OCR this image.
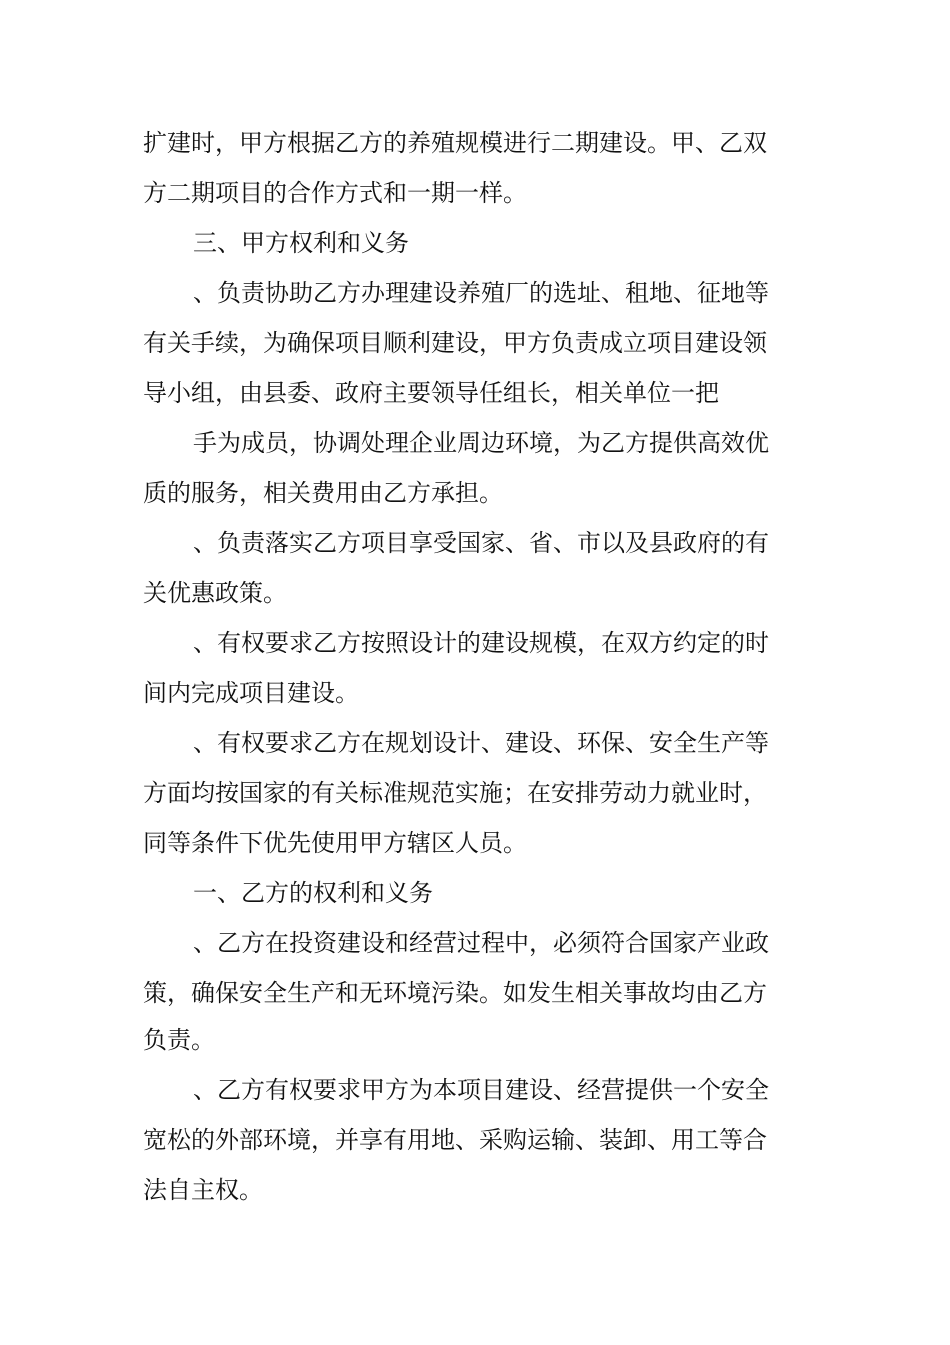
扩建时，甲方根据乙方的养殖规模进行二期建设。甲、乙双
方二期项目的合作方式和一期一样。
三、甲方权利和义务
、负责协助乙方办理建设养殖厂的选址、租地、征地等
有关手续，为确保项目顺利建设，甲方负责成立项目建设领
导小组，由县委、政府主要领导任组长，相关单位一把
手为成员，协调处理企业周边环境，为乙方提供高效优
质的服务，相关费用由乙方承担。
、负责落实乙方项目享受国家、省、市以及县政府的有
关优惠政策。
、有权要求乙方按照设计的建设规模，在双方约定的时
间内完成项目建设。
、有权要求乙方在规划设计、建设、环保、安全生产等
方面均按国家的有关标准规范实施；在安排劳动力就业时，
同等条件下优先使用甲方辖区人员。
一、乙方的权利和义务
、乙方在投资建设和经营过程中，必须符合国家产业政
策，确保安全生产和无环境污染。如发生相关事故均由乙方
负责。
、乙方有权要求甲方为本项目建设、经营提供一个安全
宽松的外部环境，并享有用地、采购运输、装卸、用工等合
法自主权。
